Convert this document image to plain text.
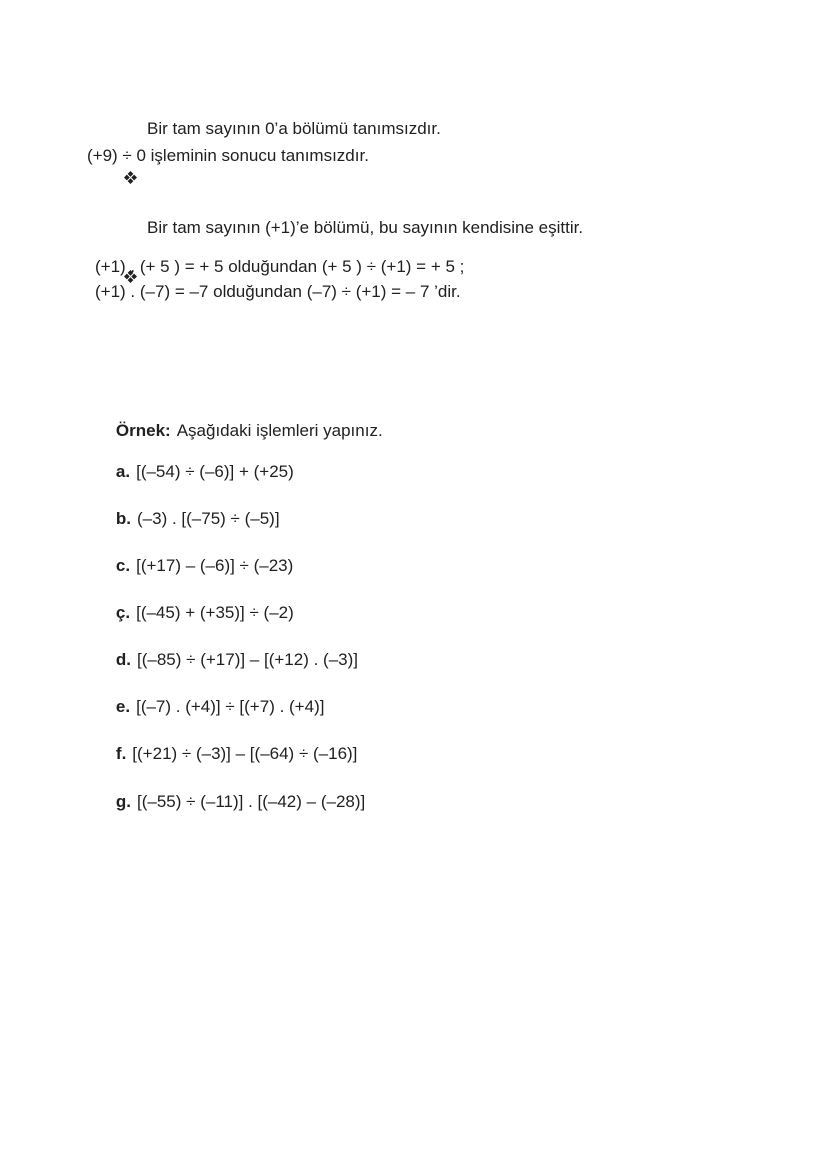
Bir tam sayının 0’a bölümü tanımsızdır.
(+9) ÷ 0 işleminin sonucu tanımsızdır.

Bir tam sayının (+1)’e bölümü, bu sayının kendisine eşittir.
(+1) . (+ 5 ) = + 5 olduğundan (+ 5 ) ÷ (+1) = + 5 ;
(+1) . (–7) = –7 olduğundan (–7) ÷ (+1) = – 7 ’dir.

Örnek: Aşağıdaki işlemleri yapınız.

a. [(–54) ÷ (–6)] + (+25)

b. (–3) . [(–75) ÷ (–5)]

c. [(+17) – (–6)] ÷ (–23)

ç. [(–45) + (+35)] ÷ (–2)

d. [(–85) ÷ (+17)] – [(+12) . (–3)]

e. [(–7) . (+4)] ÷ [(+7) . (+4)]

f. [(+21) ÷ (–3)] – [(–64) ÷ (–16)]

g. [(–55) ÷ (–11)] . [(–42) – (–28)]
